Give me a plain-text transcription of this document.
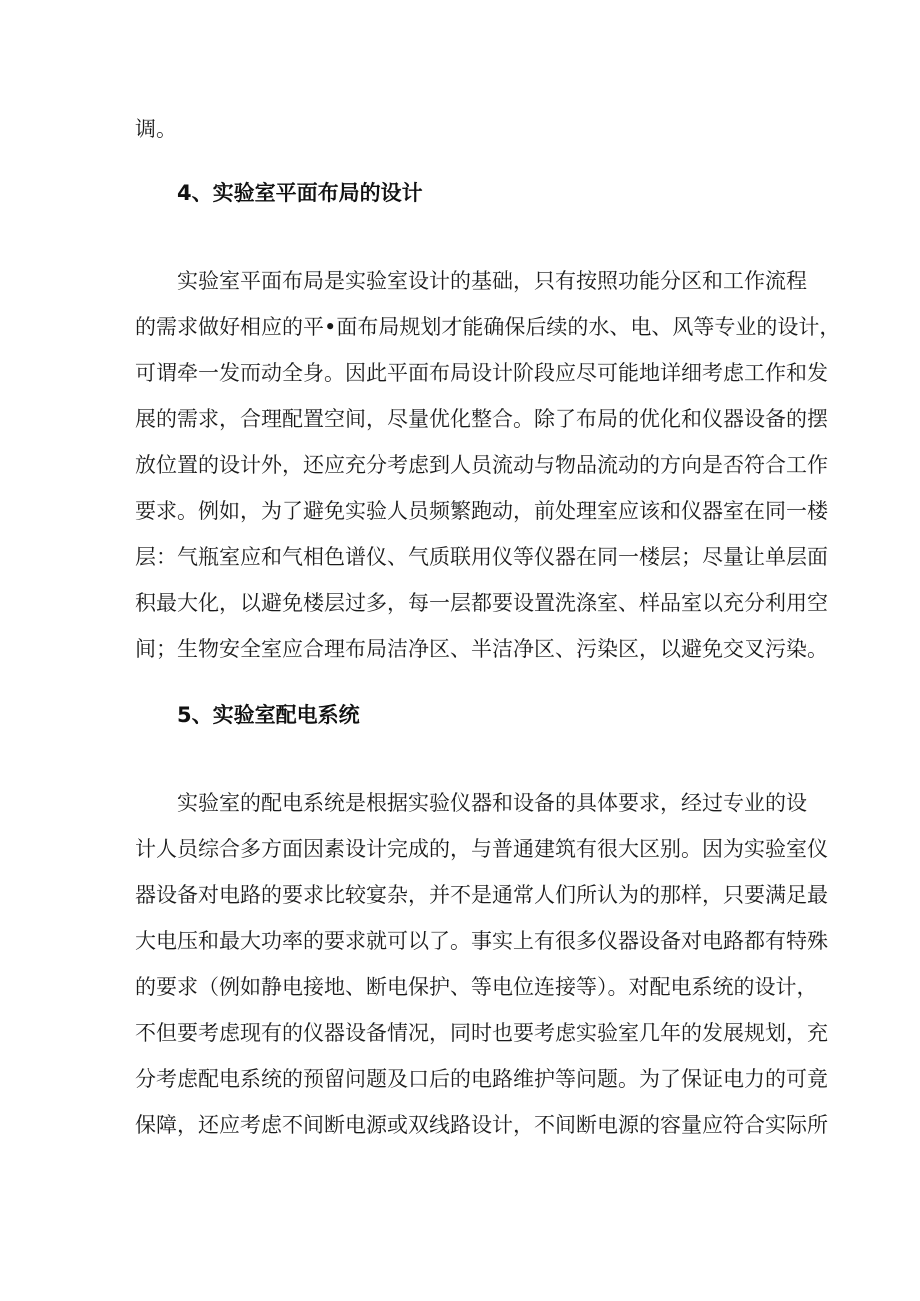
调。
4、实验室平面布局的设计
实验室平面布局是实验室设计的基础，只有按照功能分区和工作流程
的需求做好相应的平•面布局规划才能确保后续的水、电、风等专业的设计，
可谓牵一发而动全身。因此平面布局设计阶段应尽可能地详细考虑工作和发
展的需求，合理配置空间，尽量优化整合。除了布局的优化和仪器设备的摆
放位置的设计外，还应充分考虑到人员流动与物品流动的方向是否符合工作
要求。例如，为了避免实验人员频繁跑动，前处理室应该和仪器室在同一楼
层：气瓶室应和气相色谱仪、气质联用仪等仪器在同一楼层；尽量让单层面
积最大化，以避免楼层过多，每一层都要设置洗涤室、样品室以充分利用空
间；生物安全室应合理布局洁净区、半洁净区、污染区，以避免交叉污染。
5、实验室配电系统
实验室的配电系统是根据实验仪器和设备的具体要求，经过专业的设
计人员综合多方面因素设计完成的，与普通建筑有很大区别。因为实验室仪
器设备对电路的要求比较宴杂，并不是通常人们所认为的那样，只要满足最
大电压和最大功率的要求就可以了。事实上有很多仪器设备对电路都有特殊
的要求（例如静电接地、断电保护、等电位连接等）。对配电系统的设计，
不但要考虑现有的仪器设备情况，同时也要考虑实验室几年的发展规划，充
分考虑配电系统的预留问题及口后的电路维护等问题。为了保证电力的可竟
保障，还应考虑不间断电源或双线路设计，不间断电源的容量应符合实际所
